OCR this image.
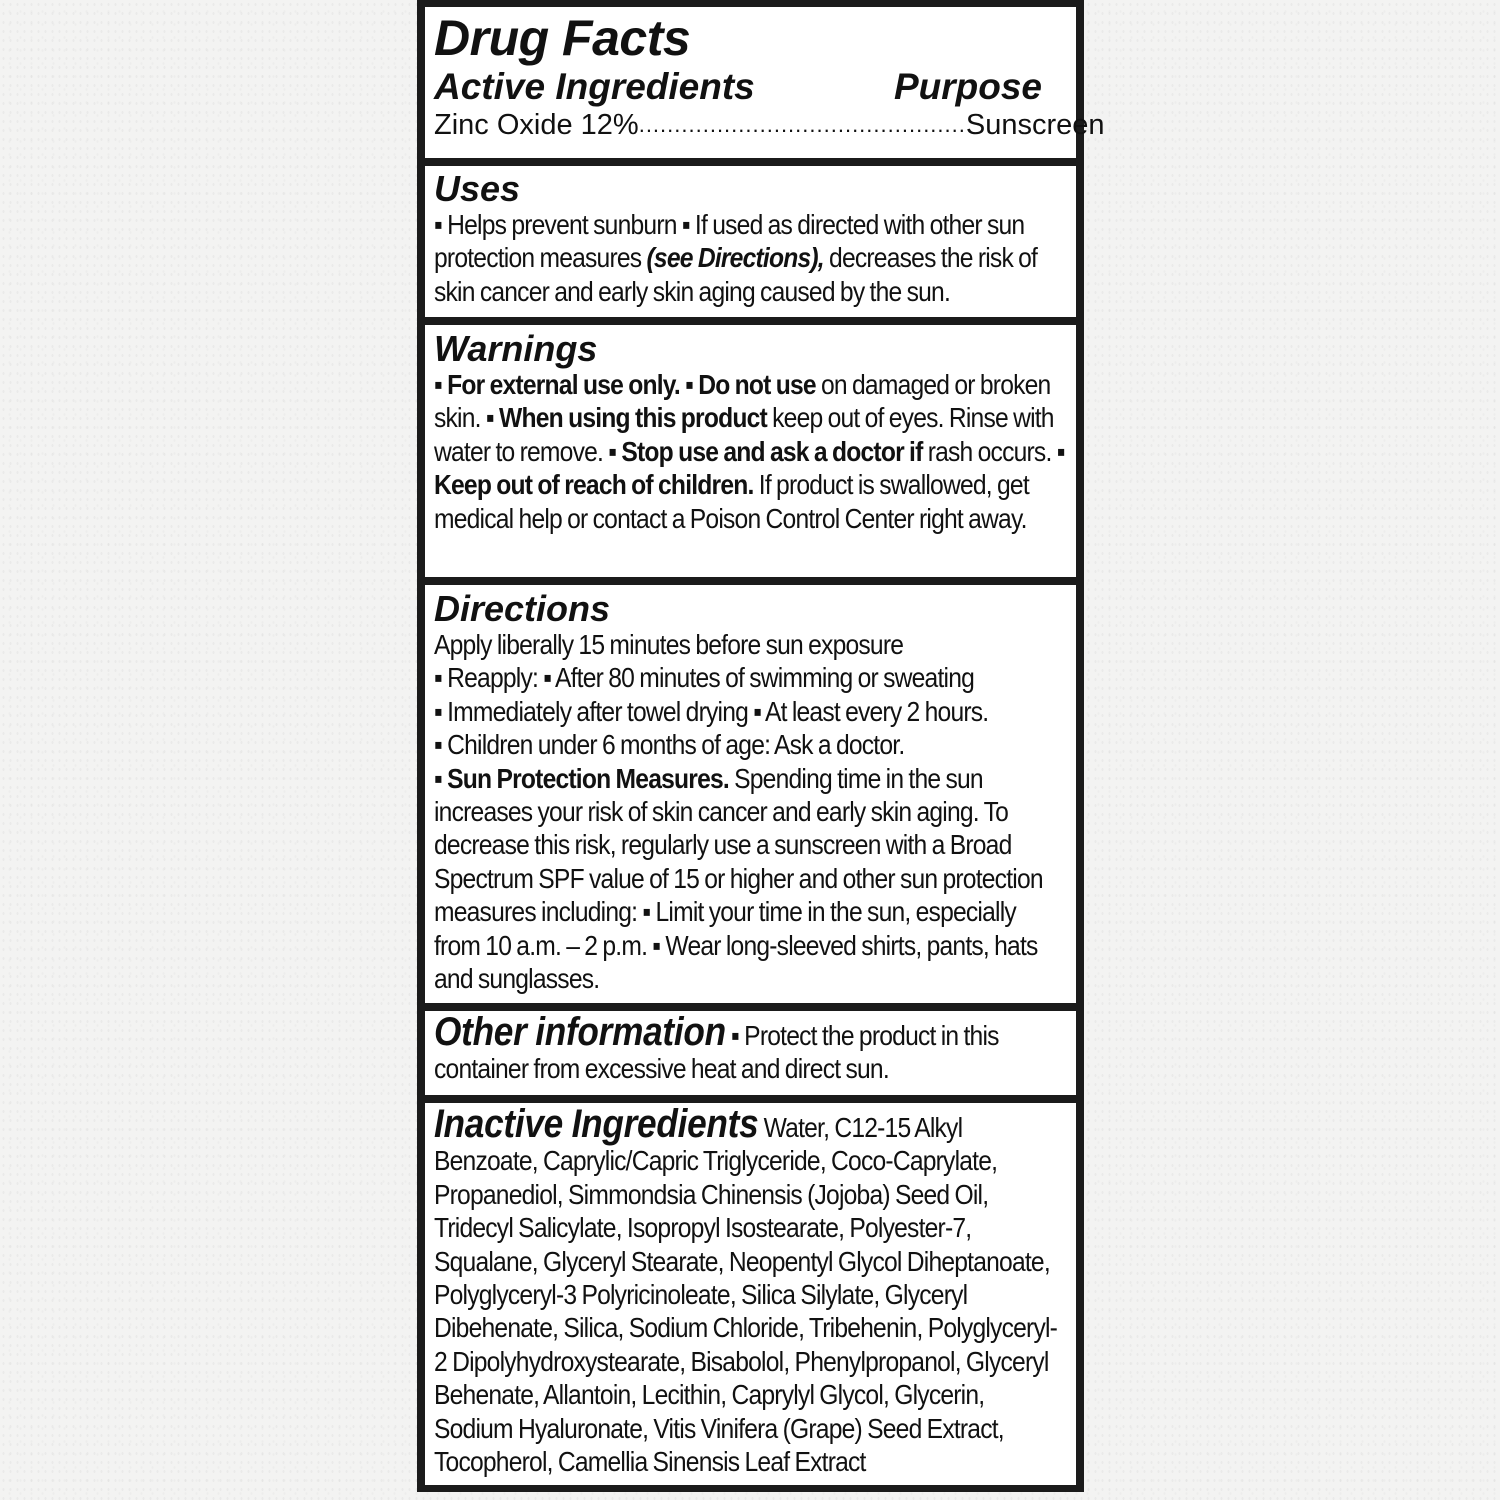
Drug Facts
Active Ingredients	Purpose
Zinc Oxide 12% .............................................. Sunscreen
Uses

▪ Helps prevent sunburn ▪ If used as directed with other sun protection measures (see Directions), decreases the risk of skin cancer and early skin aging caused by the sun.

Warnings

▪ For external use only. ▪ Do not use on damaged or broken skin. ▪ When using this product keep out of eyes. Rinse with water to remove. ▪ Stop use and ask a doctor if rash occurs. ▪ Keep out of reach of children. If product is swallowed, get medical help or contact a Poison Control Center right away.

Directions

Apply liberally 15 minutes before sun exposure
▪ Reapply: ▪ After 80 minutes of swimming or sweating
▪ Immediately after towel drying ▪ At least every 2 hours.
▪ Children under 6 months of age: Ask a doctor.
▪ Sun Protection Measures. Spending time in the sun increases your risk of skin cancer and early skin aging. To decrease this risk, regularly use a sunscreen with a Broad Spectrum SPF value of 15 or higher and other sun protection measures including: ▪ Limit your time in the sun, especially from 10 a.m. – 2 p.m. ▪ Wear long-sleeved shirts, pants, hats and sunglasses.

Other information ▪ Protect the product in this container from excessive heat and direct sun.

Inactive Ingredients Water, C12-15 Alkyl Benzoate, Caprylic/Capric Triglyceride, Coco-Caprylate, Propanediol, Simmondsia Chinensis (Jojoba) Seed Oil, Tridecyl Salicylate, Isopropyl Isostearate, Polyester-7, Squalane, Glyceryl Stearate, Neopentyl Glycol Diheptanoate, Polyglyceryl-3 Polyricinoleate, Silica Silylate, Glyceryl Dibehenate, Silica, Sodium Chloride, Tribehenin, Polyglyceryl-2 Dipolyhydroxystearate, Bisabolol, Phenylpropanol, Glyceryl Behenate, Allantoin, Lecithin, Caprylyl Glycol, Glycerin, Sodium Hyaluronate, Vitis Vinifera (Grape) Seed Extract, Tocopherol, Camellia Sinensis Leaf Extract
